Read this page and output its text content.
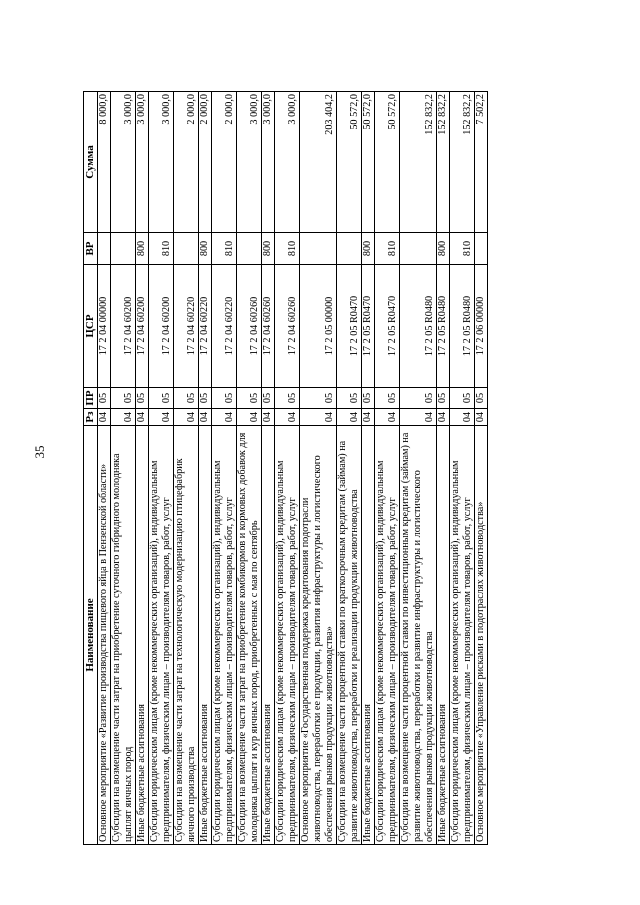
35
Наименование	Рз	ПР	ЦСР	ВР	Сумма
Основное мероприятие «Развитие производства пищевого яйца в Пензенской области»	04	05	17 2 04 00000		8 000,0
Субсидии на возмещение части затрат на приобретение суточного гибридного молодняка цыплят яичных пород	04	05	17 2 04 60200		3 000,0
Иные бюджетные ассигнования	04	05	17 2 04 60200	800	3 000,0
Субсидии юридическим лицам (кроме некоммерческих организаций), индивидуальным предпринимателям, физическим лицам – производителям товаров, работ, услуг	04	05	17 2 04 60200	810	3 000,0
Субсидии на возмещение части затрат на технологическую модернизацию птицефабрик яичного производства	04	05	17 2 04 60220		2 000,0
Иные бюджетные ассигнования	04	05	17 2 04 60220	800	2 000,0
Субсидии юридическим лицам (кроме некоммерческих организаций), индивидуальным предпринимателям, физическим лицам – производителям товаров, работ, услуг	04	05	17 2 04 60220	810	2 000,0
Субсидии на возмещение части затрат на приобретение комбикормов и кормовых добавок для молодняка цыплят и кур яичных пород, приобретенных с мая по сентябрь	04	05	17 2 04 60260		3 000,0
Иные бюджетные ассигнования	04	05	17 2 04 60260	800	3 000,0
Субсидии юридическим лицам (кроме некоммерческих организаций), индивидуальным предпринимателям, физическим лицам – производителям товаров, работ, услуг	04	05	17 2 04 60260	810	3 000,0
Основное мероприятие «Государственная поддержка кредитования подотрасли животноводства, переработки ее продукции, развития инфраструктуры и логистического обеспечения рынков продукции животноводства»	04	05	17 2 05 00000		203 404,2
Субсидии на возмещение части процентной ставки по краткосрочным кредитам (займам) на развитие животноводства, переработки и реализации продукции животноводства	04	05	17 2 05 R0470		50 572,0
Иные бюджетные ассигнования	04	05	17 2 05 R0470	800	50 572,0
Субсидии юридическим лицам (кроме некоммерческих организаций), индивидуальным предпринимателям, физическим лицам – производителям товаров, работ, услуг	04	05	17 2 05 R0470	810	50 572,0
Субсидии на возмещение части процентной ставки по инвестиционным кредитам (займам) на развитие животноводства, переработки и развитие инфраструктуры и логистического обеспечения рынков продукции животноводства	04	05	17 2 05 R0480		152 832,2
Иные бюджетные ассигнования	04	05	17 2 05 R0480	800	152 832,2
Субсидии юридическим лицам (кроме некоммерческих организаций), индивидуальным предпринимателям, физическим лицам – производителям товаров, работ, услуг	04	05	17 2 05 R0480	810	152 832,2
Основное мероприятие «Управление рисками в подотраслях животноводства»	04	05	17 2 06 00000		7 502,2
